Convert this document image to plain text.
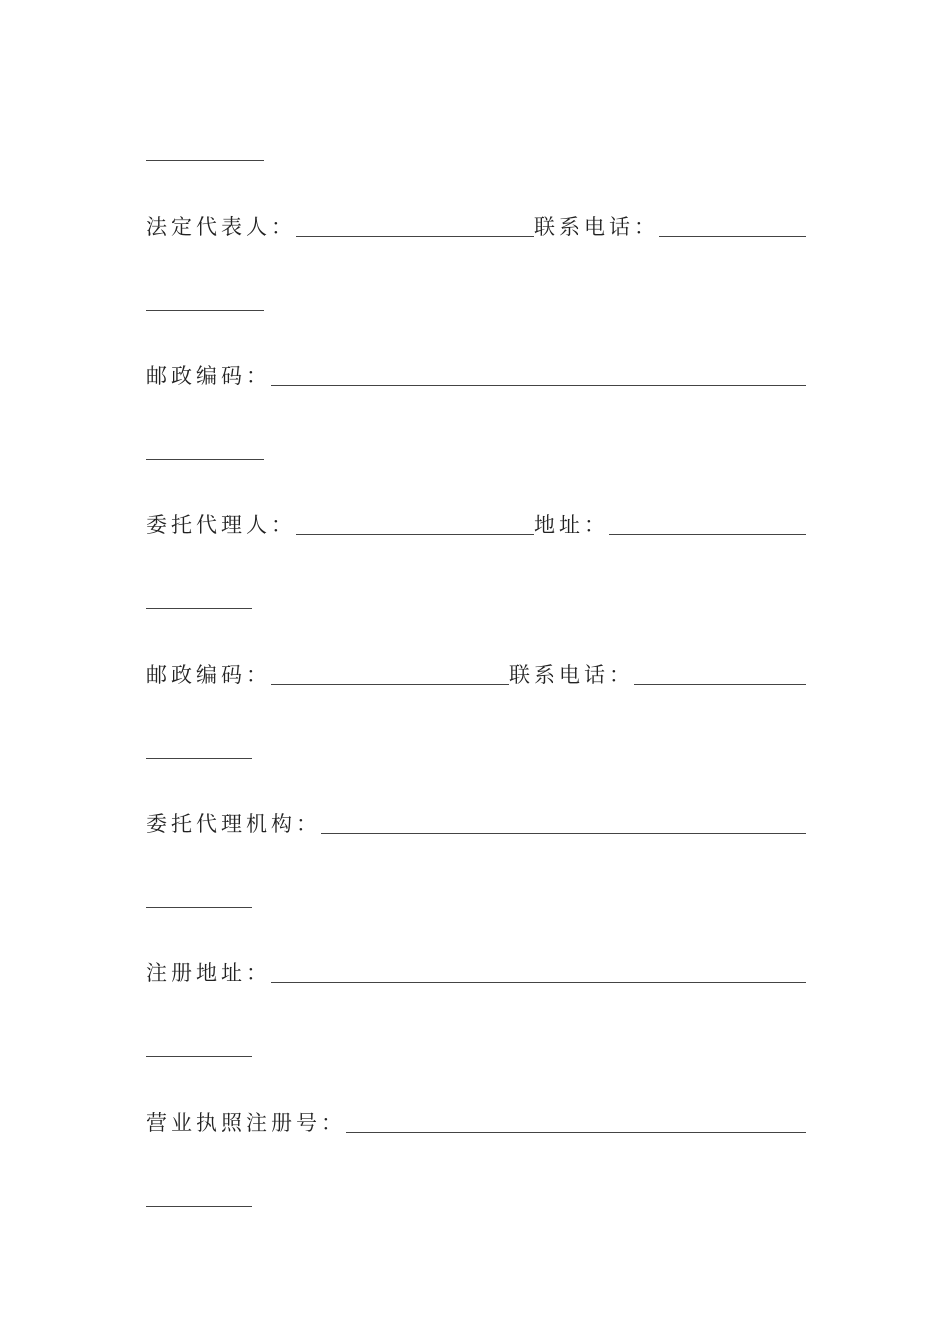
法定代表人：	联系电话：
邮政编码：
委托代理人：	地址：
邮政编码：	联系电话：
委托代理机构：
注册地址：
营业执照注册号：
